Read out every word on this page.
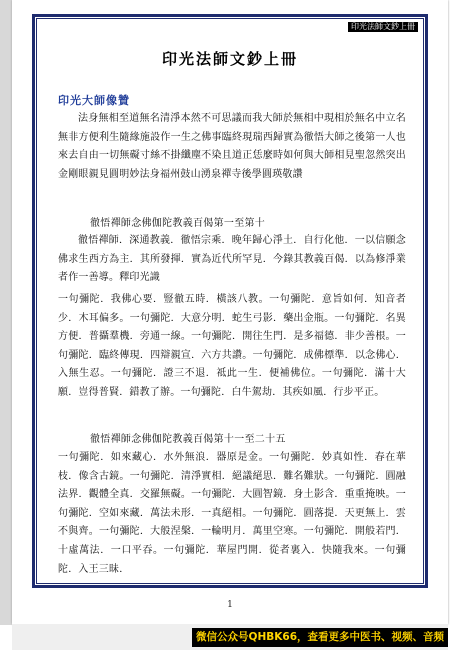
印光法師文鈔上冊
印光法師文鈔上冊
印光大師像贊
法身無相至道無名清淨本然不可思議而我大師於無相中現相於無名中立名無非方便利生隨緣施設作一生之佛事臨終現瑞西歸實為徹悟大師之後第一人也來去自由一切無礙寸絲不掛纖塵不染且道正恁麼時如何與大師相見聖忽然突出金剛眼親見圓明妙法身福州鼓山湧泉禪寺後學圓瑛敬讚
徹悟禪師念佛伽陀教義百偈第一至第十
徹悟禪師．深通教義．徹悟宗乘．晚年歸心淨土．自行化他．一以信願念佛求生西方為主．其所發揮．實為近代所罕見．今錄其教義百偈．以為修淨業者作一善導。釋印光識
一句彌陀．我佛心要．豎徹五時．橫該八教。一句彌陀．意旨如何．知音者少．木耳偏多。一句彌陀．大意分明．蛇生弓影．藥出金瓶。一句彌陀．名異方便．普攝羣機．旁通一線。一句彌陀．開往生門．是多福德．非少善根。一句彌陀．臨終傳現．四辯親宣．六方共讚。一句彌陀．成佛標準．以念佛心．入無生忍。一句彌陀．證三不退．祗此一生．便補佛位。一句彌陀．滿十大願．豈得普賢．錯教了辦。一句彌陀．白牛駕劫．其疾如風．行步平正。
徹悟禪師念佛伽陀教義百偈第十一至二十五
一句彌陀．如來藏心．水外無浪．器原是金。一句彌陀．妙真如性．春在華枝．像含古鏡。一句彌陀．清淨實相．絕議絕思．難名難狀。一句彌陀．圓融法界．觀體全真．交羅無礙。一句彌陀．大圓智鏡．身土影含．重重掩映。一句彌陀．空如來藏．萬法未形．一真絕相。一句彌陀．圓落提．天更無上．雲不與齊。一句彌陀．大般涅槃．一輪明月．萬里空寒。一句彌陀．開般若門．十虛萬法．一口平吞。一句彌陀．華屋門開．從者裏入．快隨我來。一句彌陀．入王三昧．
1
微信公众号QHBK66，查看更多中医书、视频、音频
